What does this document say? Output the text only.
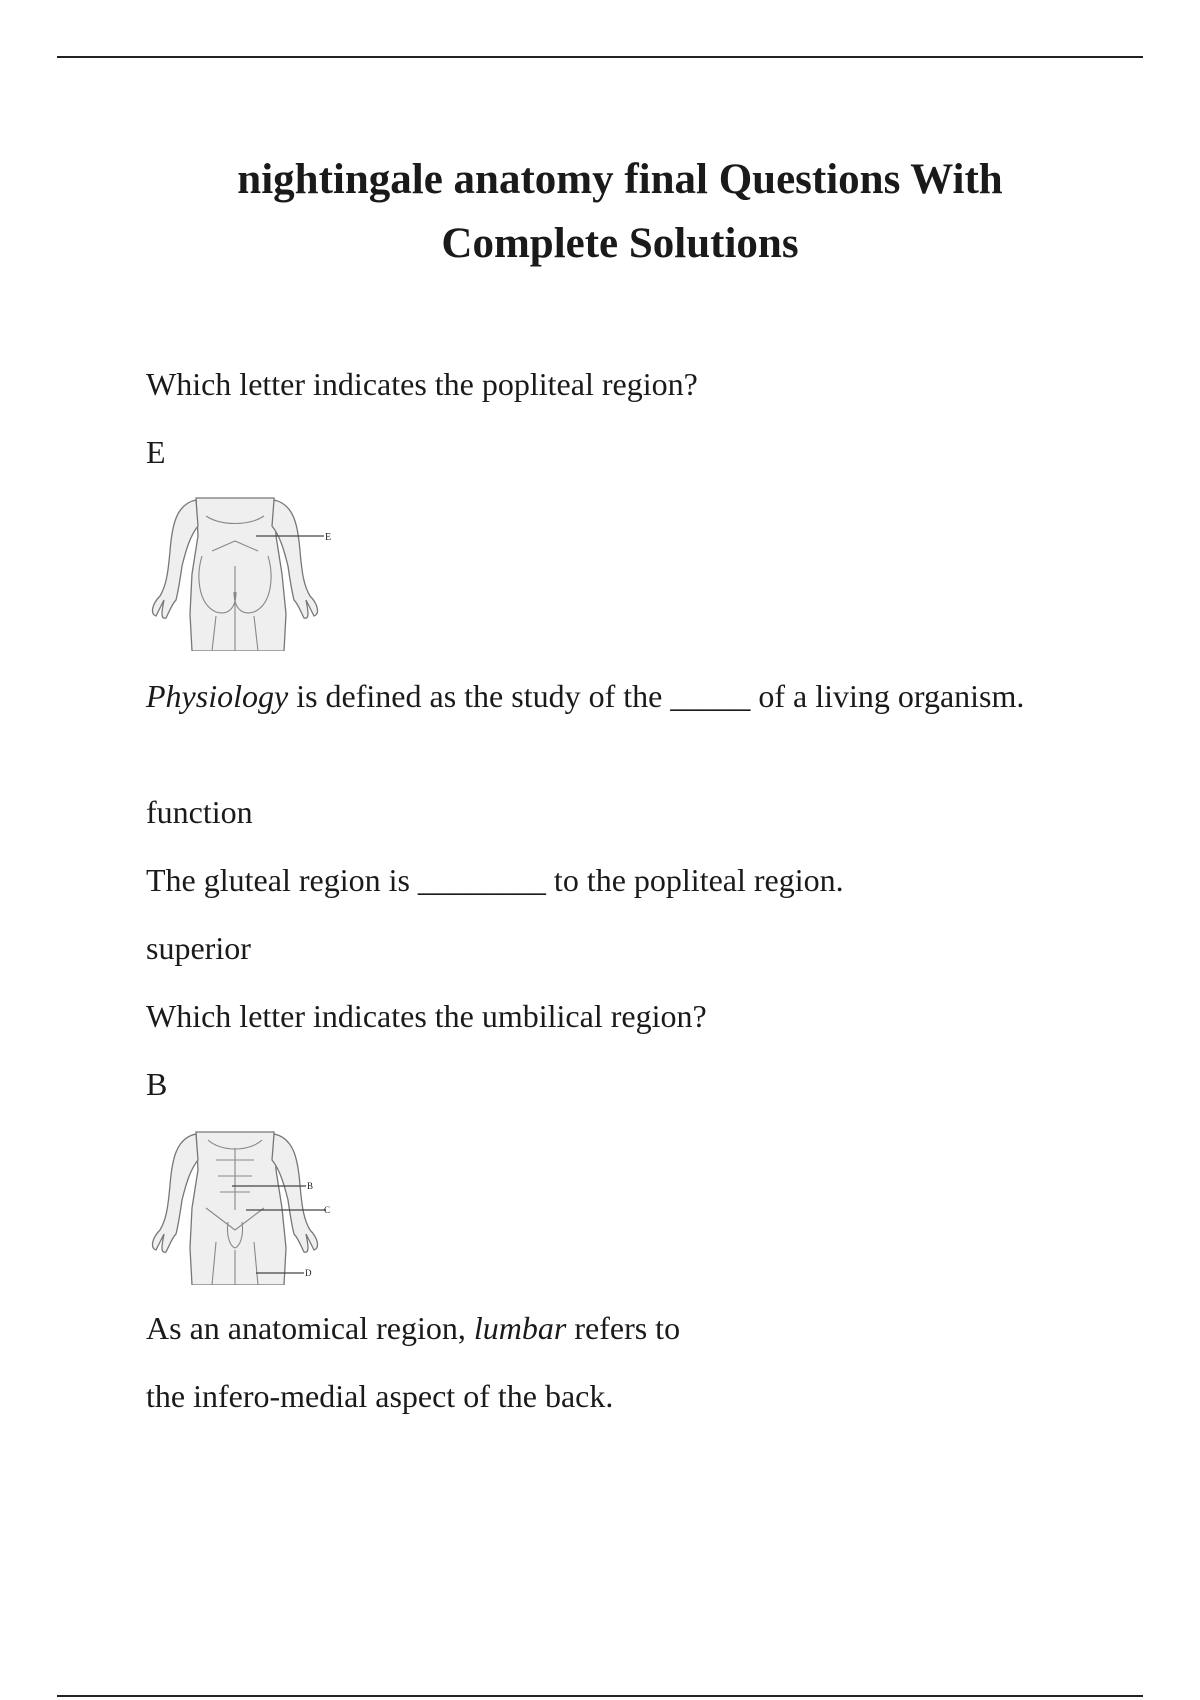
nightingale anatomy final Questions With Complete Solutions

Which letter indicates the popliteal region?

E

E

Physiology is defined as the study of the _____ of a living organism.

function

The gluteal region is ________ to the popliteal region.

superior

Which letter indicates the umbilical region?

B

B
C
D

As an anatomical region, lumbar refers to

the infero-medial aspect of the back.
